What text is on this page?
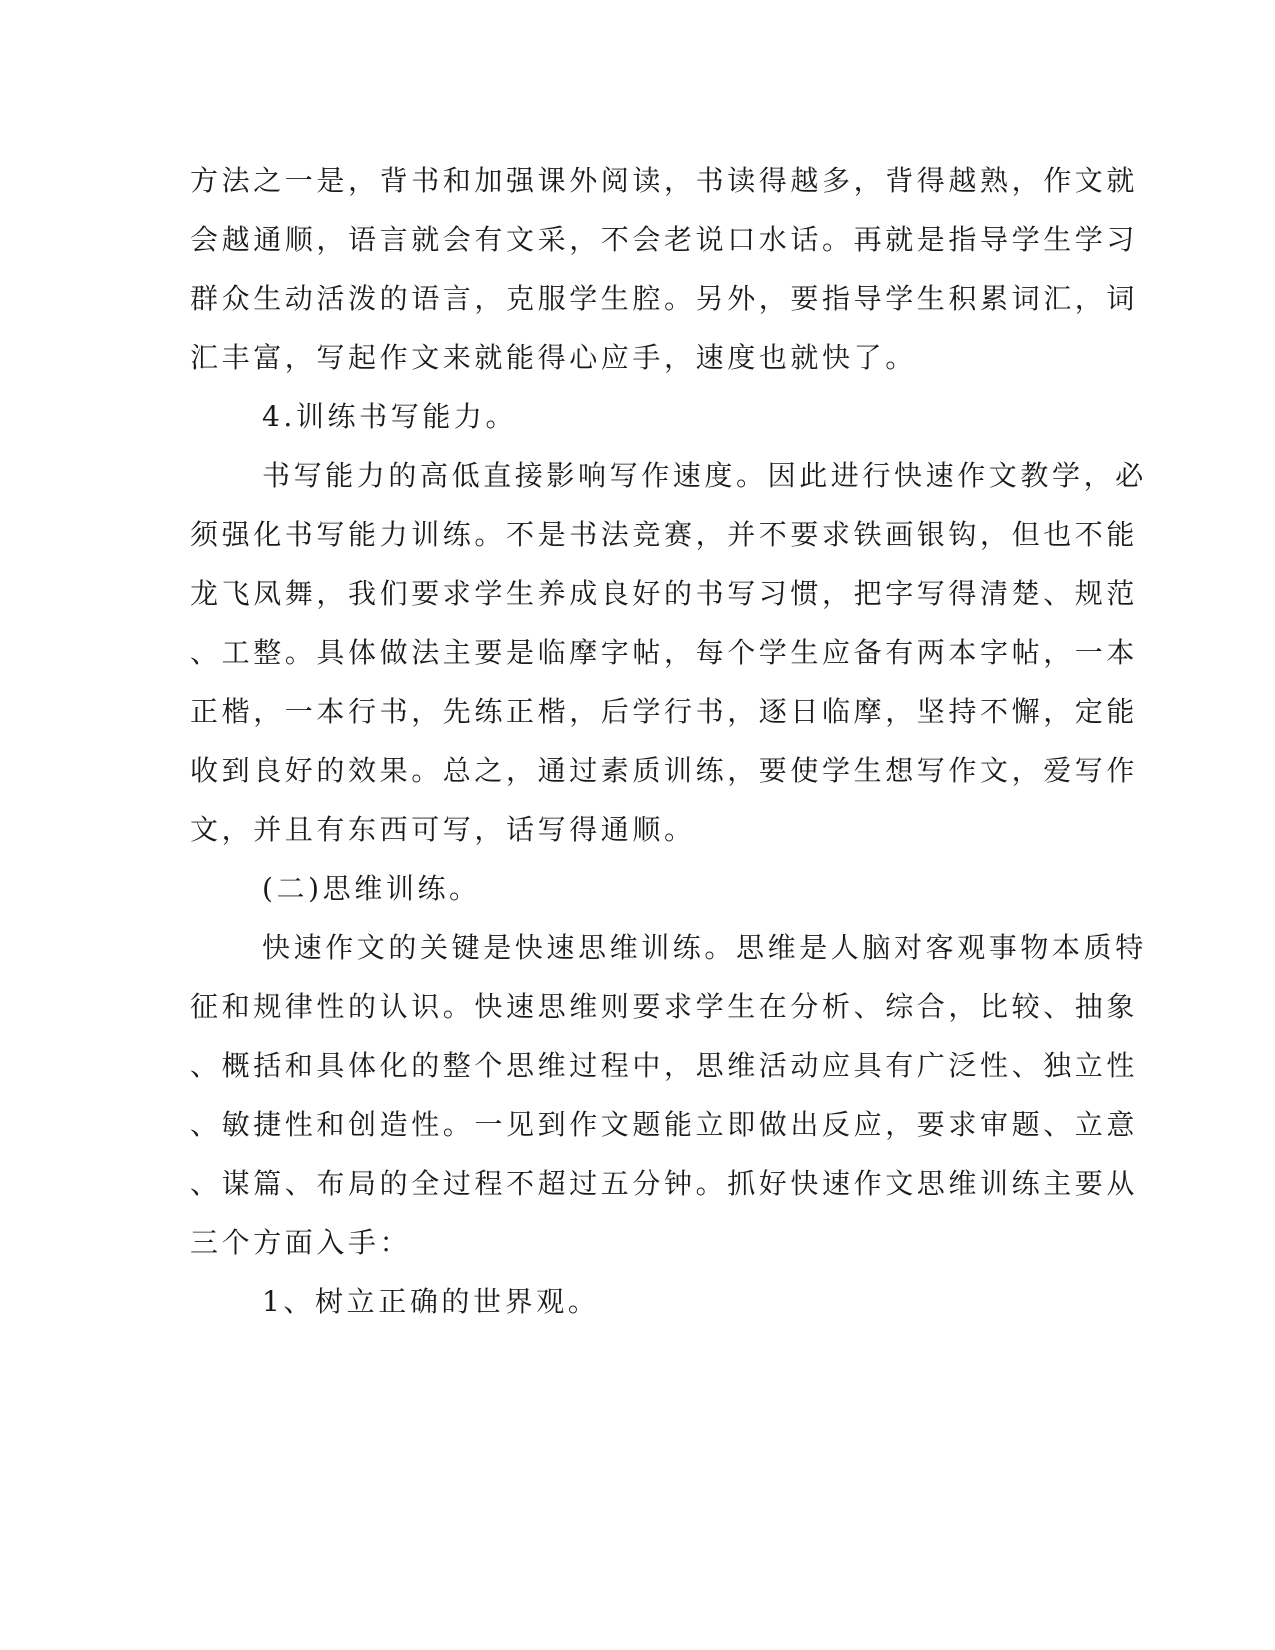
方法之一是，背书和加强课外阅读，书读得越多，背得越熟，作文就
会越通顺，语言就会有文采，不会老说口水话。再就是指导学生学习
群众生动活泼的语言，克服学生腔。另外，要指导学生积累词汇，词
汇丰富，写起作文来就能得心应手，速度也就快了。
4.训练书写能力。
书写能力的高低直接影响写作速度。因此进行快速作文教学，必
须强化书写能力训练。不是书法竞赛，并不要求铁画银钩，但也不能
龙飞凤舞，我们要求学生养成良好的书写习惯，把字写得清楚、规范
、工整。具体做法主要是临摩字帖，每个学生应备有两本字帖，一本
正楷，一本行书，先练正楷，后学行书，逐日临摩，坚持不懈，定能
收到良好的效果。总之，通过素质训练，要使学生想写作文，爱写作
文，并且有东西可写，话写得通顺。
(二)思维训练。
快速作文的关键是快速思维训练。思维是人脑对客观事物本质特
征和规律性的认识。快速思维则要求学生在分析、综合，比较、抽象
、概括和具体化的整个思维过程中，思维活动应具有广泛性、独立性
、敏捷性和创造性。一见到作文题能立即做出反应，要求审题、立意
、谋篇、布局的全过程不超过五分钟。抓好快速作文思维训练主要从
三个方面入手：
1、树立正确的世界观。
